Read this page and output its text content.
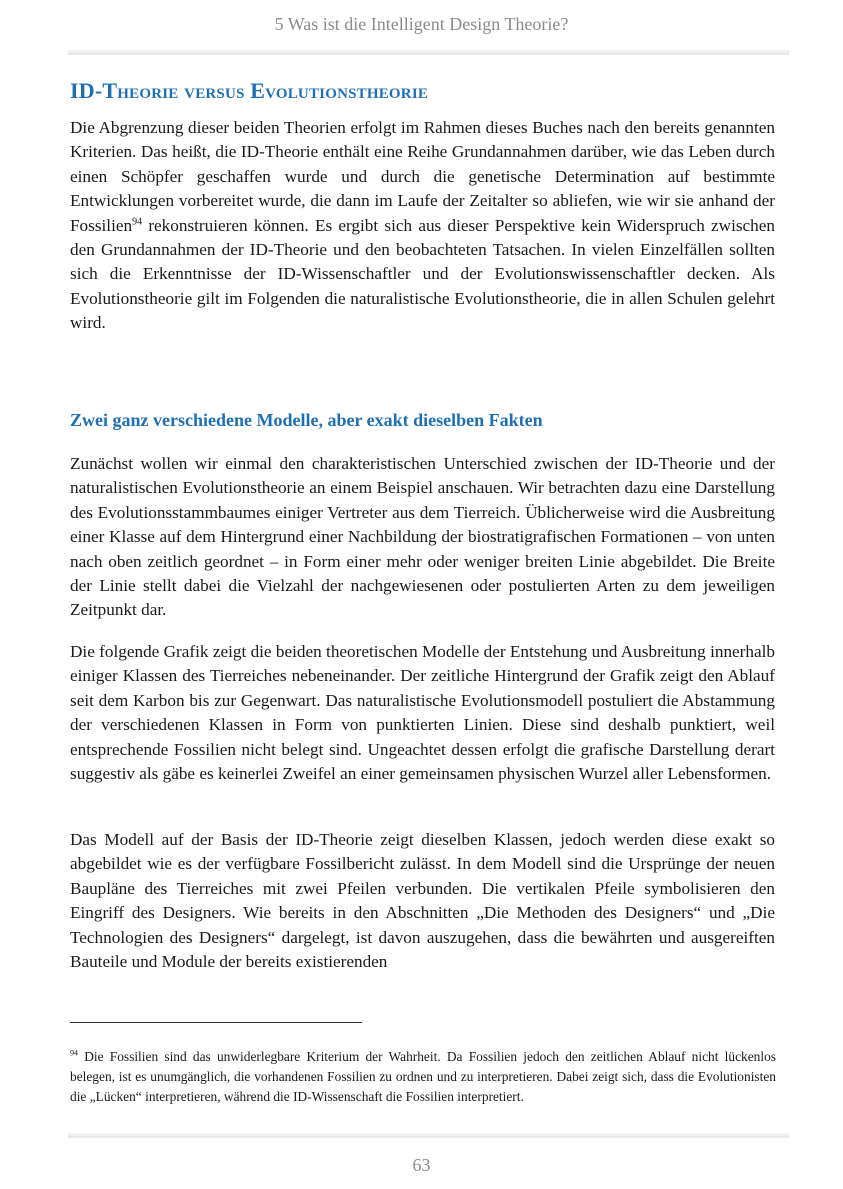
5 Was ist die Intelligent Design Theorie?
ID-Theorie versus Evolutionstheorie

Die Abgrenzung dieser beiden Theorien erfolgt im Rahmen dieses Buches nach den bereits genannten Kriterien. Das heißt, die ID-Theorie enthält eine Reihe Grundannahmen darüber, wie das Leben durch einen Schöpfer geschaffen wurde und durch die genetische Determination auf bestimmte Entwicklungen vorbereitet wurde, die dann im Laufe der Zeitalter so abliefen, wie wir sie anhand der Fossilien$^{94}$ rekonstruieren können. Es ergibt sich aus dieser Perspektive kein Widerspruch zwischen den Grundannahmen der ID-Theorie und den beobachteten Tatsachen. In vielen Einzelfällen sollten sich die Erkenntnisse der ID-Wissenschaftler und der Evolutionswissenschaftler decken. Als Evolutionstheorie gilt im Folgenden die naturalistische Evolutionstheorie, die in allen Schulen gelehrt wird.

Zwei ganz verschiedene Modelle, aber exakt dieselben Fakten

Zunächst wollen wir einmal den charakteristischen Unterschied zwischen der ID-Theorie und der naturalistischen Evolutionstheorie an einem Beispiel anschauen. Wir betrachten dazu eine Darstellung des Evolutionsstammbaumes einiger Vertreter aus dem Tierreich. Üblicherweise wird die Ausbreitung einer Klasse auf dem Hintergrund einer Nachbildung der biostratigrafischen Formationen – von unten nach oben zeitlich geordnet – in Form einer mehr oder weniger breiten Linie abgebildet. Die Breite der Linie stellt dabei die Vielzahl der nachgewiesenen oder postulierten Arten zu dem jeweiligen Zeitpunkt dar.

Die folgende Grafik zeigt die beiden theoretischen Modelle der Entstehung und Ausbreitung innerhalb einiger Klassen des Tierreiches nebeneinander. Der zeitliche Hintergrund der Grafik zeigt den Ablauf seit dem Karbon bis zur Gegenwart. Das naturalistische Evolutionsmodell postuliert die Abstammung der verschiedenen Klassen in Form von punktierten Linien. Diese sind deshalb punktiert, weil entsprechende Fossilien nicht belegt sind. Ungeachtet dessen erfolgt die grafische Darstellung derart suggestiv als gäbe es keinerlei Zweifel an einer gemeinsamen physischen Wurzel aller Lebensformen.

Das Modell auf der Basis der ID-Theorie zeigt dieselben Klassen, jedoch werden diese exakt so abgebildet wie es der verfügbare Fossilbericht zulässt. In dem Modell sind die Ursprünge der neuen Baupläne des Tierreiches mit zwei Pfeilen verbunden. Die vertikalen Pfeile symbolisieren den Eingriff des Designers. Wie bereits in den Abschnitten „Die Methoden des Designers“ und „Die Technologien des Designers“ dargelegt, ist davon auszugehen, dass die bewährten und ausgereiften Bauteile und Module der bereits existierenden

$^{94}$ Die Fossilien sind das unwiderlegbare Kriterium der Wahrheit. Da Fossilien jedoch den zeitlichen Ablauf nicht lückenlos belegen, ist es unumgänglich, die vorhandenen Fossilien zu ordnen und zu interpretieren. Dabei zeigt sich, dass die Evolutionisten die „Lücken“ interpretieren, während die ID-Wissenschaft die Fossilien interpretiert.

63
